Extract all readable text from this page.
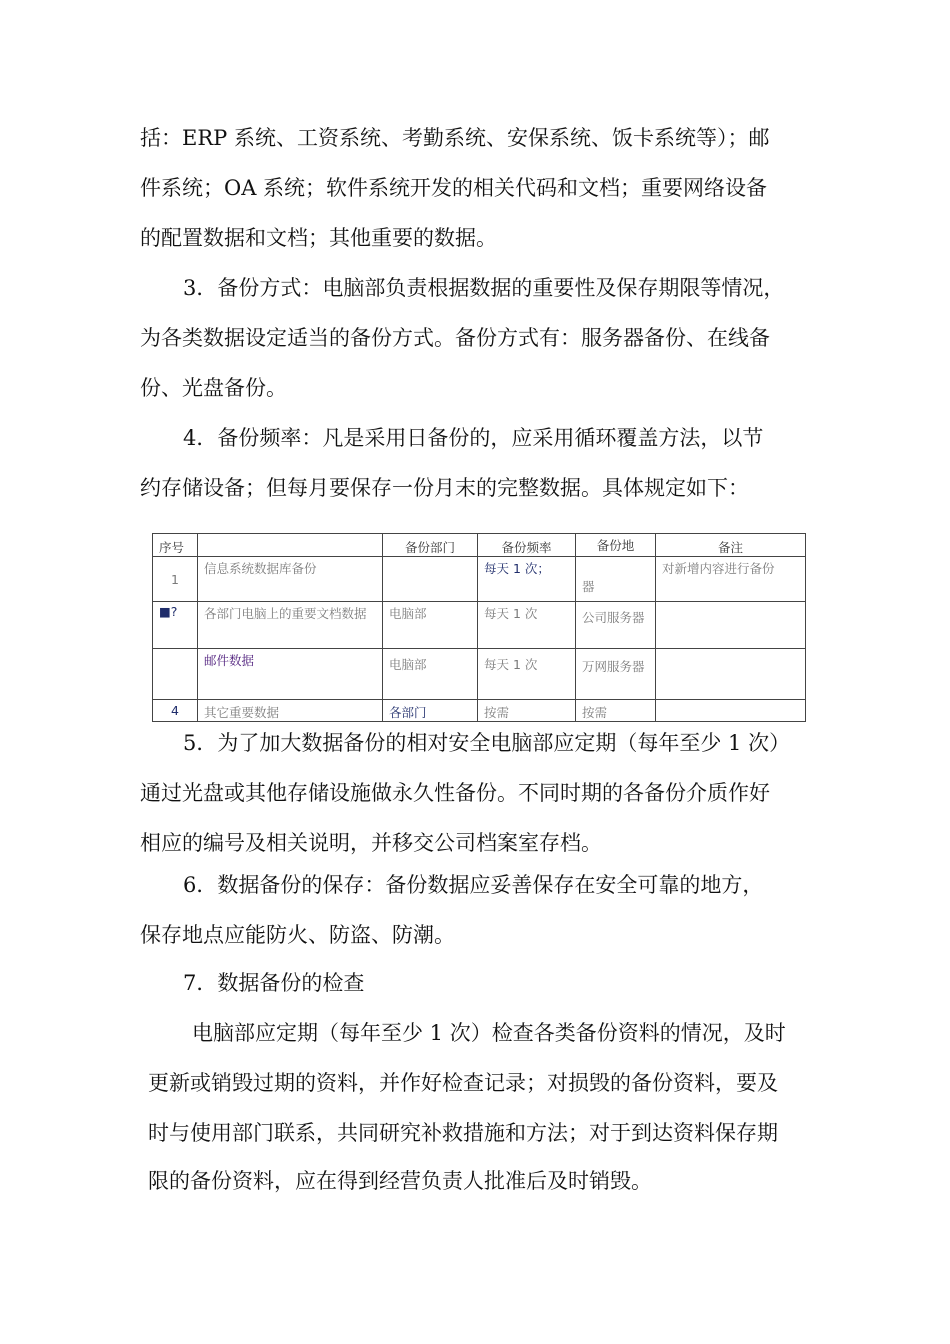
括：ERP 系统、工资系统、考勤系统、安保系统、饭卡系统等）；邮
件系统；OA 系统；软件系统开发的相关代码和文档；重要网络设备
的配置数据和文档；其他重要的数据。
3．备份方式：电脑部负责根据数据的重要性及保存期限等情况，
为各类数据设定适当的备份方式。备份方式有：服务器备份、在线备
份、光盘备份。
4．备份频率：凡是采用日备份的，应采用循环覆盖方法，以节
约存储设备；但每月要保存一份月末的完整数据。具体规定如下：
序号		备份部门	备份频率	备份地	备注
1	信息系统数据库备份		每天 1 次；	器	对新增内容进行备份
■?	各部门电脑上的重要文档数据	电脑部	每天 1 次	公司服务器	
	邮件数据	电脑部	每天 1 次	万网服务器	
4	其它重要数据	各部门	按需	按需	
5．为了加大数据备份的相对安全电脑部应定期（每年至少 1 次）
通过光盘或其他存储设施做永久性备份。不同时期的各备份介质作好
相应的编号及相关说明，并移交公司档案室存档。
6．数据备份的保存：备份数据应妥善保存在安全可靠的地方，
保存地点应能防火、防盗、防潮。
7．数据备份的检查
电脑部应定期（每年至少 1 次）检查各类备份资料的情况，及时
更新或销毁过期的资料，并作好检查记录；对损毁的备份资料，要及
时与使用部门联系，共同研究补救措施和方法；对于到达资料保存期
限的备份资料，应在得到经营负责人批准后及时销毁。
